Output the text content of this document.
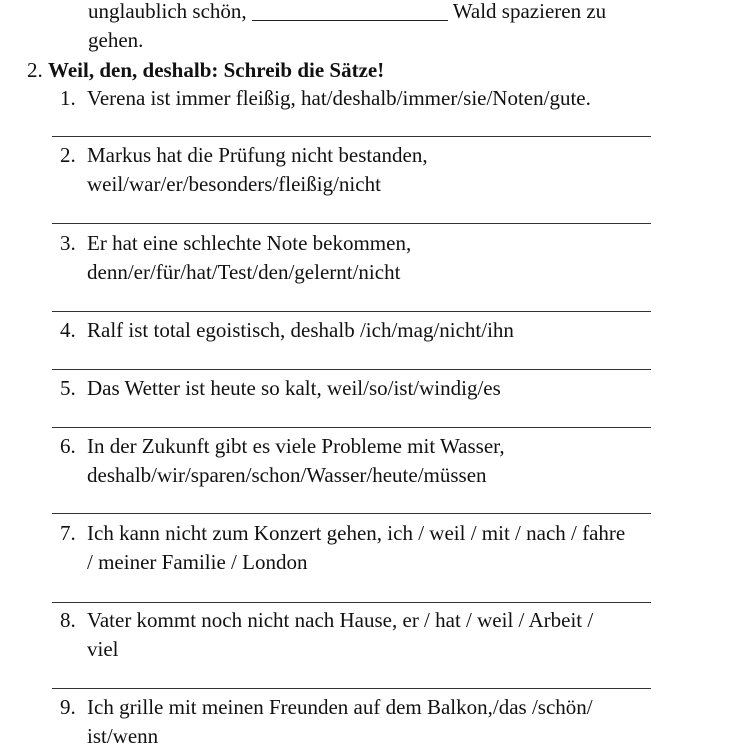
unglaublich schön,	Wald spazieren zu
gehen.
2. Weil, den, deshalb: Schreib die Sätze!
1. Verena ist immer fleißig, hat/deshalb/immer/sie/Noten/gute.
2. Markus hat die Prüfung nicht bestanden,
weil/war/er/besonders/fleißig/nicht
3. Er hat eine schlechte Note bekommen,
denn/er/für/hat/Test/den/gelernt/nicht
4. Ralf ist total egoistisch, deshalb /ich/mag/nicht/ihn
5. Das Wetter ist heute so kalt, weil/so/ist/windig/es
6. In der Zukunft gibt es viele Probleme mit Wasser,
deshalb/wir/sparen/schon/Wasser/heute/müssen
7. Ich kann nicht zum Konzert gehen, ich / weil / mit / nach / fahre
/ meiner Familie / London
8. Vater kommt noch nicht nach Hause, er / hat / weil / Arbeit /
viel
9. Ich grille mit meinen Freunden auf dem Balkon,/das /schön/
ist/wenn
